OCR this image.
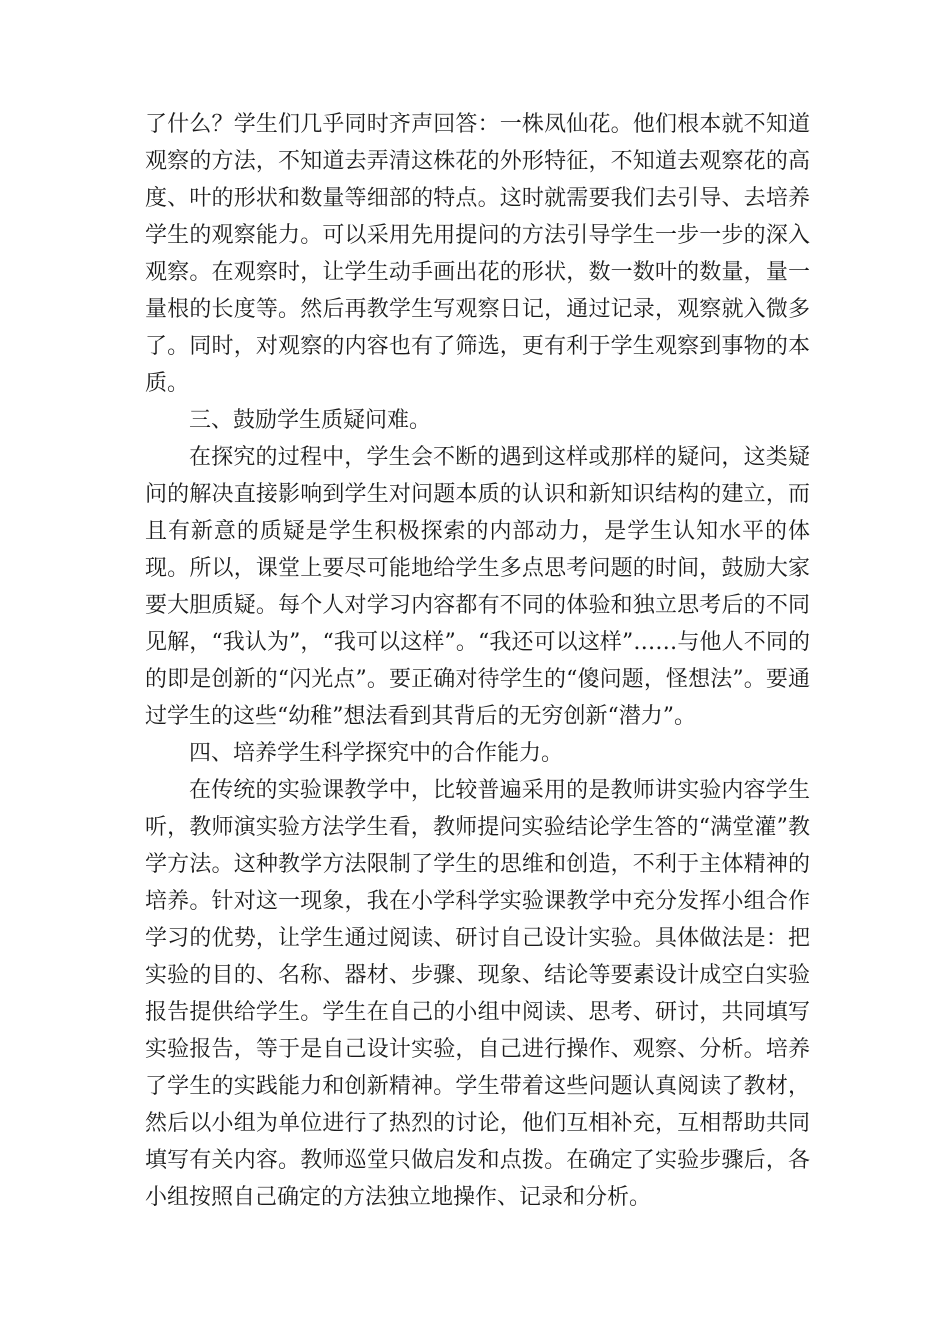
了什么？学生们几乎同时齐声回答：一株凤仙花。他们根本就不知道观察的方法，不知道去弄清这株花的外形特征，不知道去观察花的高度、叶的形状和数量等细部的特点。这时就需要我们去引导、去培养学生的观察能力。可以采用先用提问的方法引导学生一步一步的深入观察。在观察时，让学生动手画出花的形状，数一数叶的数量，量一量根的长度等。然后再教学生写观察日记，通过记录，观察就入微多了。同时，对观察的内容也有了筛选，更有利于学生观察到事物的本质。

三、鼓励学生质疑问难。

在探究的过程中，学生会不断的遇到这样或那样的疑问，这类疑问的解决直接影响到学生对问题本质的认识和新知识结构的建立，而且有新意的质疑是学生积极探索的内部动力，是学生认知水平的体现。所以，课堂上要尽可能地给学生多点思考问题的时间，鼓励大家要大胆质疑。每个人对学习内容都有不同的体验和独立思考后的不同见解，“我认为”，“我可以这样”。“我还可以这样”……与他人不同的的即是创新的“闪光点”。要正确对待学生的“傻问题，怪想法”。要通过学生的这些“幼稚”想法看到其背后的无穷创新“潜力”。

四、培养学生科学探究中的合作能力。

在传统的实验课教学中，比较普遍采用的是教师讲实验内容学生听，教师演实验方法学生看，教师提问实验结论学生答的“满堂灌”教学方法。这种教学方法限制了学生的思维和创造，不利于主体精神的培养。针对这一现象，我在小学科学实验课教学中充分发挥小组合作学习的优势，让学生通过阅读、研讨自己设计实验。具体做法是：把实验的目的、名称、器材、步骤、现象、结论等要素设计成空白实验报告提供给学生。学生在自己的小组中阅读、思考、研讨，共同填写实验报告，等于是自己设计实验，自己进行操作、观察、分析。培养了学生的实践能力和创新精神。学生带着这些问题认真阅读了教材，然后以小组为单位进行了热烈的讨论，他们互相补充，互相帮助共同填写有关内容。教师巡堂只做启发和点拨。在确定了实验步骤后，各小组按照自己确定的方法独立地操作、记录和分析。
